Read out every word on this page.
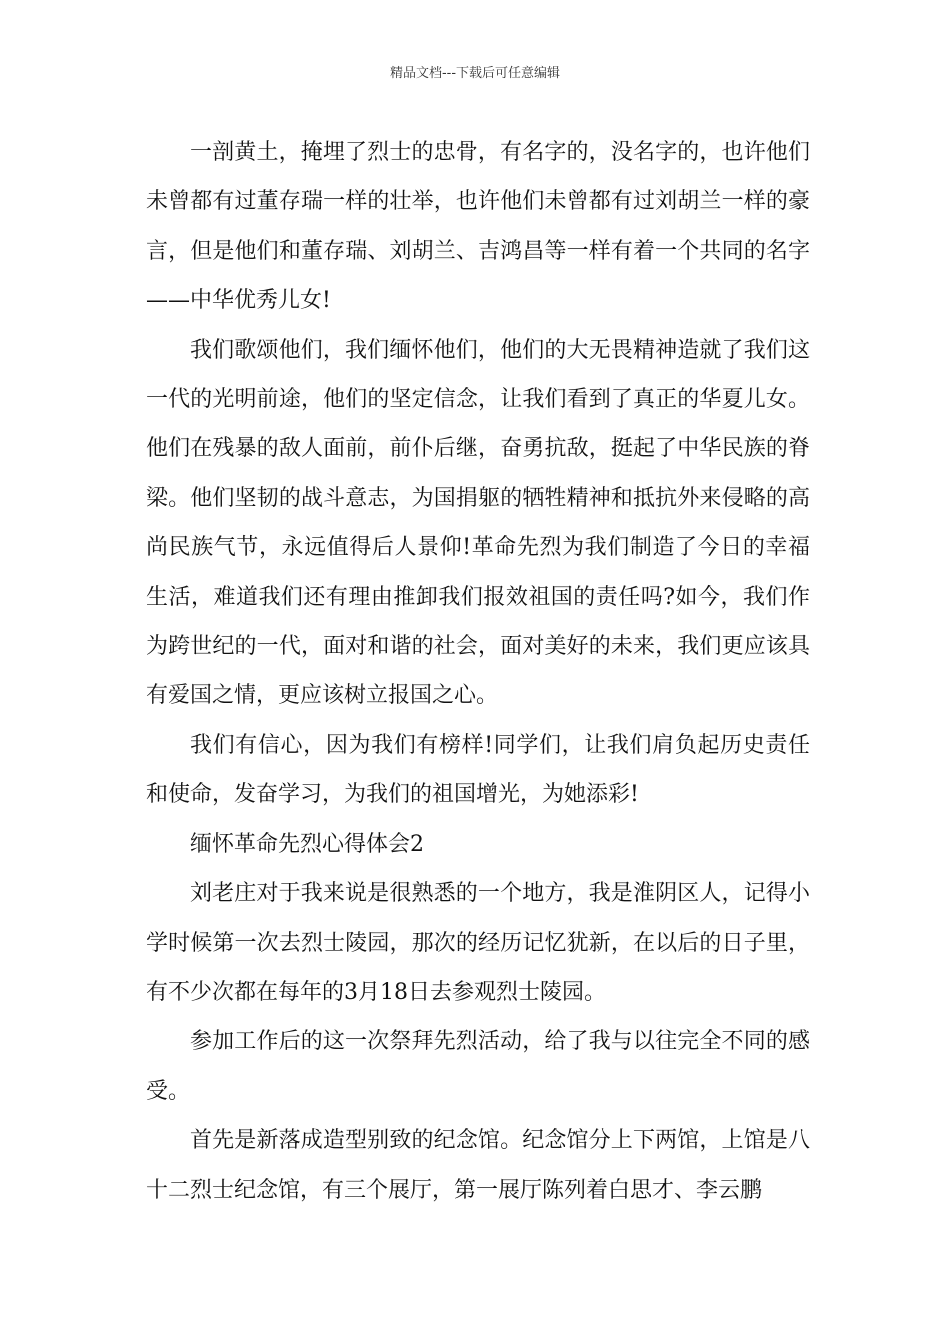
精品文档---下载后可任意编辑

一剖黄土，掩埋了烈士的忠骨，有名字的，没名字的，也许他们未曾都有过董存瑞一样的壮举，也许他们未曾都有过刘胡兰一样的豪言，但是他们和董存瑞、刘胡兰、吉鸿昌等一样有着一个共同的名字——中华优秀儿女!

我们歌颂他们，我们缅怀他们，他们的大无畏精神造就了我们这一代的光明前途，他们的坚定信念，让我们看到了真正的华夏儿女。他们在残暴的敌人面前，前仆后继，奋勇抗敌，挺起了中华民族的脊梁。他们坚韧的战斗意志，为国捐躯的牺牲精神和抵抗外来侵略的高尚民族气节，永远值得后人景仰!革命先烈为我们制造了今日的幸福生活，难道我们还有理由推卸我们报效祖国的责任吗?如今，我们作为跨世纪的一代，面对和谐的社会，面对美好的未来，我们更应该具有爱国之情，更应该树立报国之心。

我们有信心，因为我们有榜样!同学们，让我们肩负起历史责任和使命，发奋学习，为我们的祖国增光，为她添彩!

缅怀革命先烈心得体会2

刘老庄对于我来说是很熟悉的一个地方，我是淮阴区人，记得小学时候第一次去烈士陵园，那次的经历记忆犹新，在以后的日子里，有不少次都在每年的3月18日去参观烈士陵园。

参加工作后的这一次祭拜先烈活动，给了我与以往完全不同的感受。

首先是新落成造型别致的纪念馆。纪念馆分上下两馆，上馆是八十二烈士纪念馆，有三个展厅，第一展厅陈列着白思才、李云鹏
